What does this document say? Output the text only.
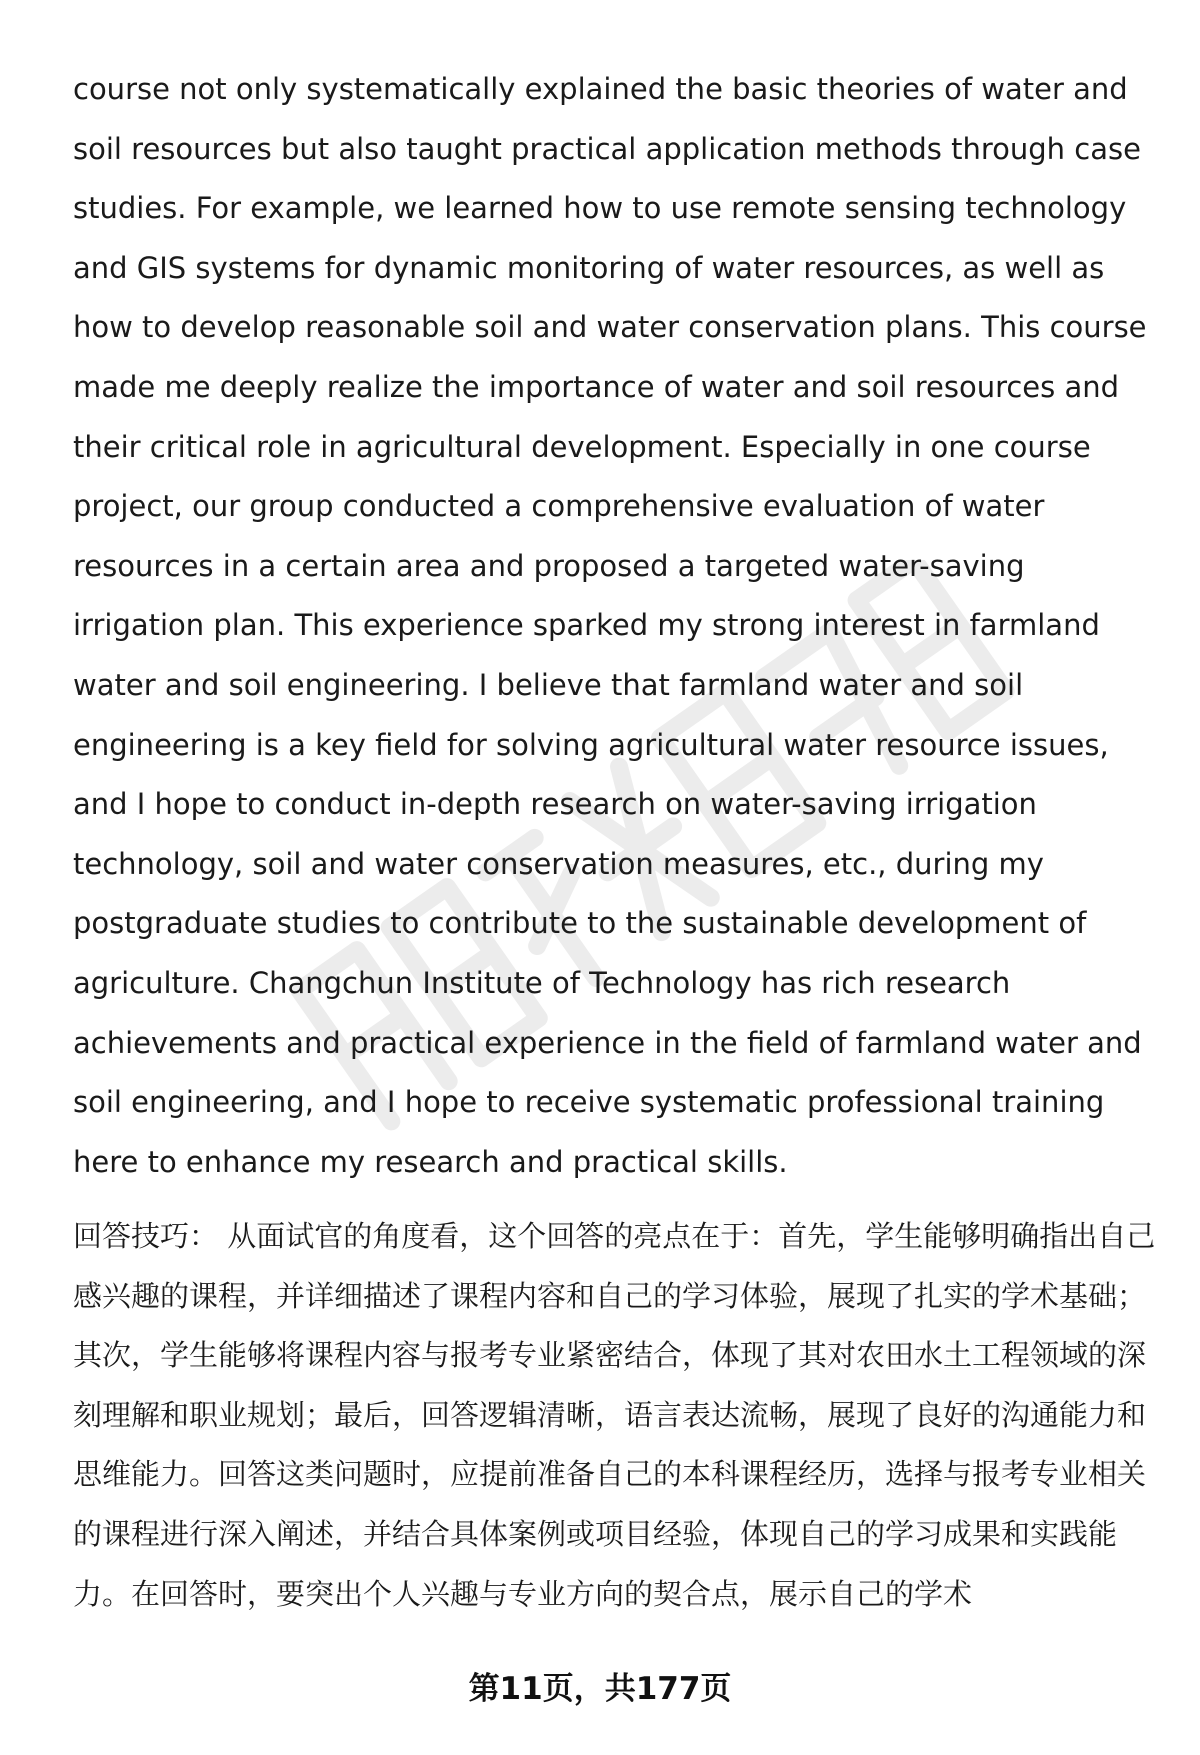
course not only systematically explained the basic theories of water and soil resources but also taught practical application methods through case studies. For example, we learned how to use remote sensing technology and GIS systems for dynamic monitoring of water resources, as well as how to develop reasonable soil and water conservation plans. This course made me deeply realize the importance of water and soil resources and their critical role in agricultural development. Especially in one course project, our group conducted a comprehensive evaluation of water resources in a certain area and proposed a targeted water-saving irrigation plan. This experience sparked my strong interest in farmland water and soil engineering. I believe that farmland water and soil engineering is a key field for solving agricultural water resource issues, and I hope to conduct in-depth research on water-saving irrigation technology, soil and water conservation measures, etc., during my postgraduate studies to contribute to the sustainable development of agriculture. Changchun Institute of Technology has rich research achievements and practical experience in the field of farmland water and soil engineering, and I hope to receive systematic professional training here to enhance my research and practical skills.

回答技巧： 从面试官的角度看，这个回答的亮点在于：首先，学生能够明确指出自己感兴趣的课程，并详细描述了课程内容和自己的学习体验，展现了扎实的学术基础；其次，学生能够将课程内容与报考专业紧密结合，体现了其对农田水土工程领域的深刻理解和职业规划；最后，回答逻辑清晰，语言表达流畅，展现了良好的沟通能力和思维能力。回答这类问题时，应提前准备自己的本科课程经历，选择与报考专业相关的课程进行深入阐述，并结合具体案例或项目经验，体现自己的学习成果和实践能力。在回答时，要突出个人兴趣与专业方向的契合点，展示自己的学术

第11页，共177页
